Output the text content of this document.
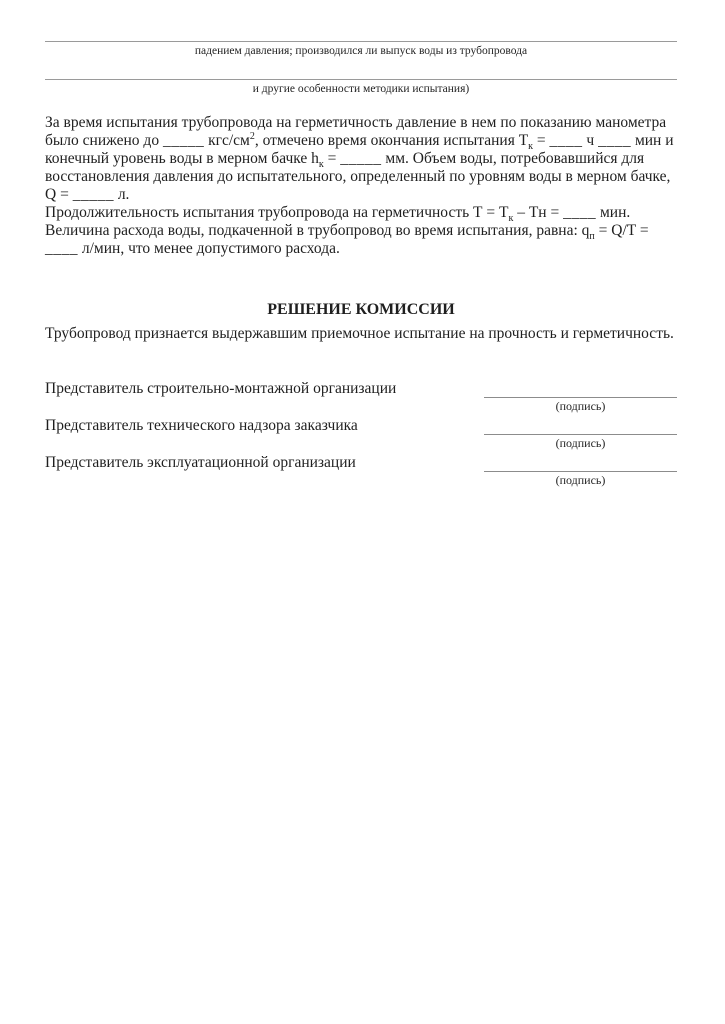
падением давления; производился ли выпуск воды из трубопровода
и другие особенности методики испытания)

За время испытания трубопровода на герметичность давление в нем по показанию манометра было снижено до _____ кгс/$см^2$, отмечено время окончания испытания $Т_к$ = ____ ч ____ мин и конечный уровень воды в мерном бачке $h_к$ = _____ мм. Объем воды, потребовавшийся для восстановления давления до испытательного, определенный по уровням воды в мерном бачке, Q = _____ л.

Продолжительность испытания трубопровода на герметичность $Т = Т_к$ – Тн = ____ мин. Величина расхода воды, подкаченной в трубопровод во время испытания, равна: $q_п = Q/T$ = ____ л/мин, что менее допустимого расхода.

РЕШЕНИЕ КОМИССИИ

Трубопровод признается выдержавшим приемочное испытание на прочность и герметичность.

Представитель строительно-монтажной организации
(подпись)
Представитель технического надзора заказчика
(подпись)
Представитель эксплуатационной организации
(подпись)
